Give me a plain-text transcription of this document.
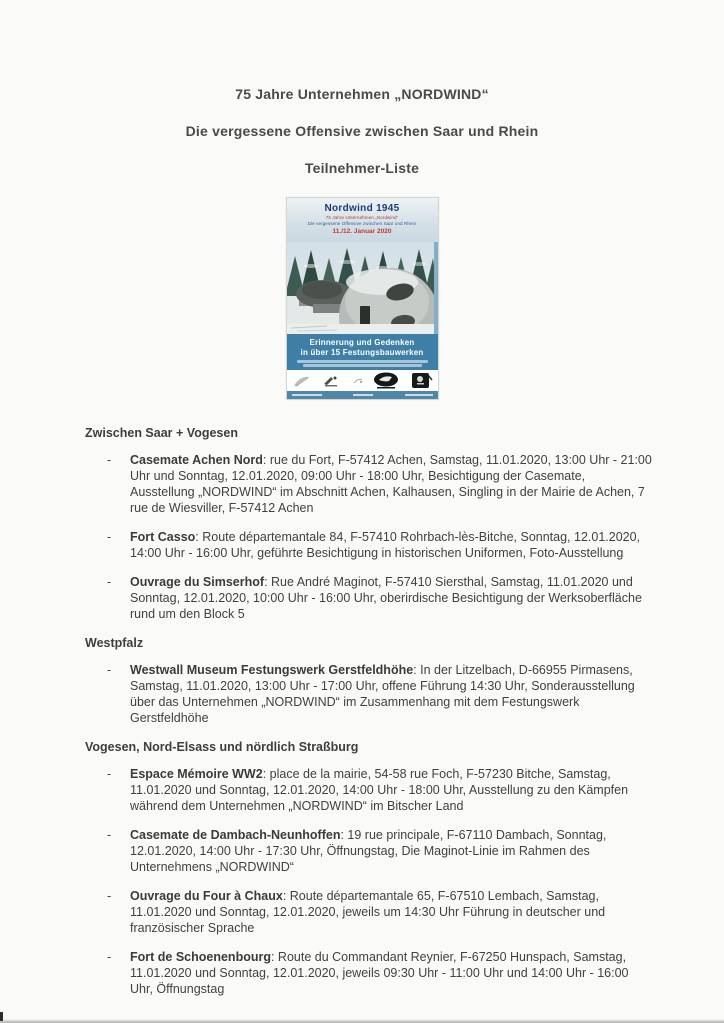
75 Jahre Unternehmen „NORDWIND“
Die vergessene Offensive zwischen Saar und Rhein
Teilnehmer-Liste
Nordwind 1945
75 Jahre Unternehmen „Nordwind“
Die vergessene Offensive zwischen Saar und Rhein
11./12. Januar 2020
Erinnerung und Gedenken
in über 15 Festungsbauwerken
Zwischen Saar + Vogesen
-	Casemate Achen Nord: rue du Fort, F-57412 Achen, Samstag, 11.01.2020, 13:00 Uhr - 21:00 Uhr und Sonntag, 12.01.2020, 09:00 Uhr - 18:00 Uhr, Besichtigung der Casemate, Ausstellung „NORDWIND“ im Abschnitt Achen, Kalhausen, Singling in der Mairie de Achen, 7 rue de Wiesviller, F-57412 Achen

-	Fort Casso: Route départemantale 84, F-57410 Rohrbach-lès-Bitche, Sonntag, 12.01.2020, 14:00 Uhr - 16:00 Uhr, geführte Besichtigung in historischen Uniformen, Foto-Ausstellung

-	Ouvrage du Simserhof: Rue André Maginot, F-57410 Siersthal, Samstag, 11.01.2020 und Sonntag, 12.01.2020, 10:00 Uhr - 16:00 Uhr, oberirdische Besichtigung der Werksoberfläche rund um den Block 5

Westpfalz
-	Westwall Museum Festungswerk Gerstfeldhöhe: In der Litzelbach, D-66955 Pirmasens, Samstag, 11.01.2020, 13:00 Uhr - 17:00 Uhr, offene Führung 14:30 Uhr, Sonderausstellung über das Unternehmen „NORDWIND“ im Zusammenhang mit dem Festungswerk Gerstfeldhöhe

Vogesen, Nord-Elsass und nördlich Straßburg
-	Espace Mémoire WW2: place de la mairie, 54-58 rue Foch, F-57230 Bitche, Samstag, 11.01.2020 und Sonntag, 12.01.2020, 14:00 Uhr - 18:00 Uhr, Ausstellung zu den Kämpfen während dem Unternehmen „NORDWIND“ im Bitscher Land

-	Casemate de Dambach-Neunhoffen: 19 rue principale, F-67110 Dambach, Sonntag, 12.01.2020, 14:00 Uhr - 17:30 Uhr, Öffnungstag, Die Maginot-Linie im Rahmen des Unternehmens „NORDWIND“

-	Ouvrage du Four à Chaux: Route départemantale 65, F-67510 Lembach, Samstag, 11.01.2020 und Sonntag, 12.01.2020, jeweils um 14:30 Uhr Führung in deutscher und französischer Sprache

-	Fort de Schoenenbourg: Route du Commandant Reynier, F-67250 Hunspach, Samstag, 11.01.2020 und Sonntag, 12.01.2020, jeweils 09:30 Uhr - 11:00 Uhr und 14:00 Uhr - 16:00 Uhr, Öffnungstag
